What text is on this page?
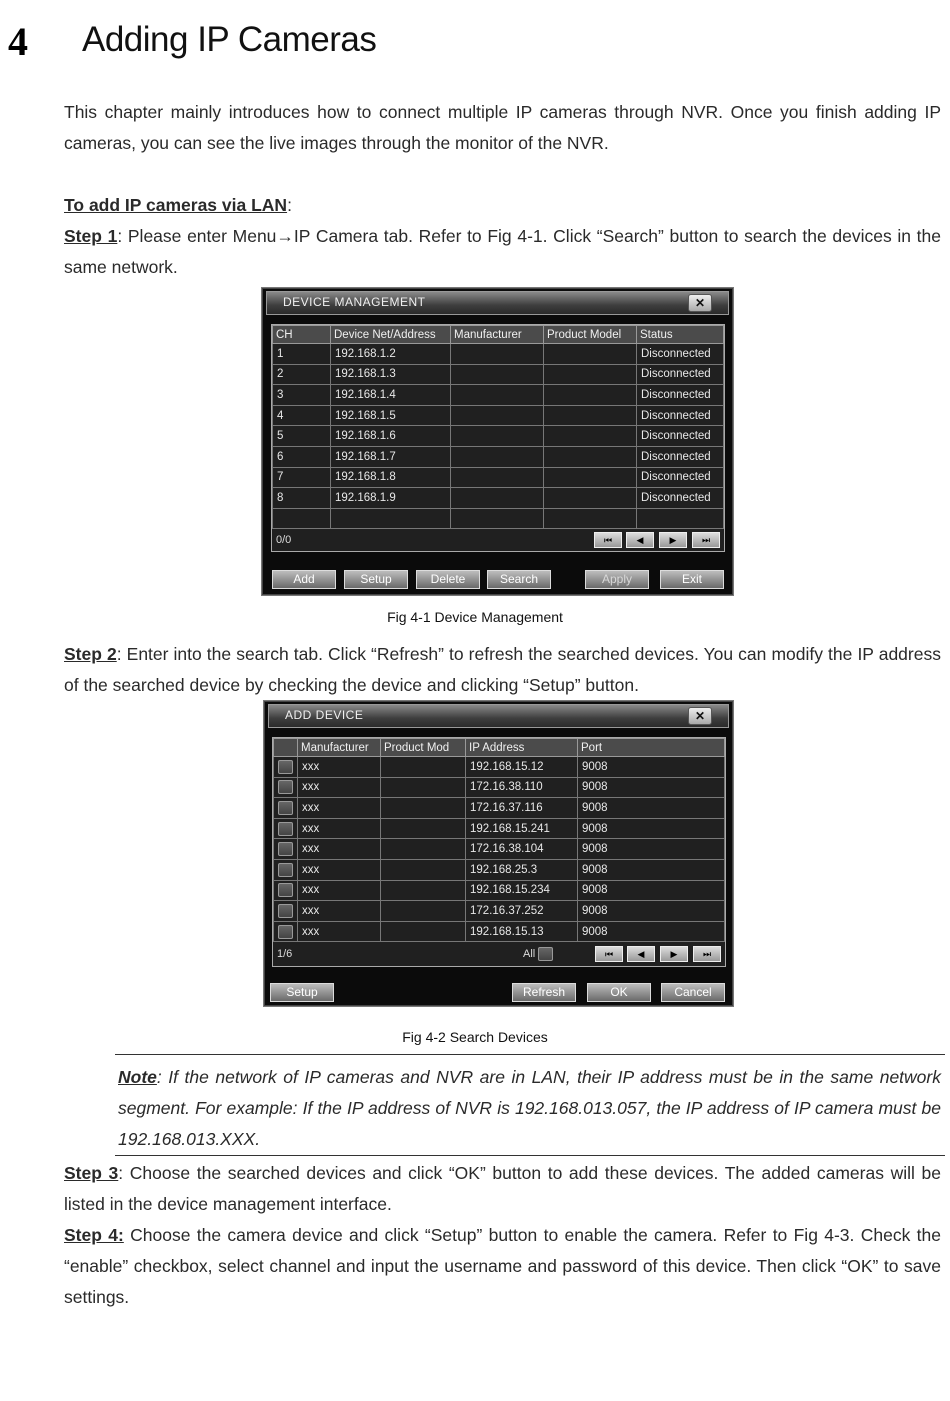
4 Adding IP Cameras
This chapter mainly introduces how to connect multiple IP cameras through NVR. Once you finish adding IP cameras, you can see the live images through the monitor of the NVR.
To add IP cameras via LAN:
Step 1: Please enter Menu→IP Camera tab. Refer to Fig 4-1. Click “Search” button to search the devices in the same network.
DEVICE MANAGEMENT	✕
CH	Device Net/Address	Manufacturer	Product Model	Status
1	192.168.1.2			Disconnected
2	192.168.1.3			Disconnected
3	192.168.1.4			Disconnected
4	192.168.1.5			Disconnected
5	192.168.1.6			Disconnected
6	192.168.1.7			Disconnected
7	192.168.1.8			Disconnected
8	192.168.1.9			Disconnected

0/0	⏮	◀	▶	⏭
Add	Setup	Delete	Search	Apply	Exit
Fig 4-1 Device Management
Step 2: Enter into the search tab. Click “Refresh” to refresh the searched devices. You can modify the IP address of the searched device by checking the device and clicking “Setup” button.
ADD DEVICE	✕
	Manufacturer	Product Mod	IP Address	Port
	xxx		192.168.15.12	9008
	xxx		172.16.38.110	9008
	xxx		172.16.37.116	9008
	xxx		192.168.15.241	9008
	xxx		172.16.38.104	9008
	xxx		192.168.25.3	9008
	xxx		192.168.15.234	9008
	xxx		172.16.37.252	9008
	xxx		192.168.15.13	9008
1/6	All	⏮	◀	▶	⏭
Setup	Refresh	OK	Cancel
Fig 4-2 Search Devices
Note: If the network of IP cameras and NVR are in LAN, their IP address must be in the same network segment. For example: If the IP address of NVR is 192.168.013.057, the IP address of IP camera must be 192.168.013.XXX.
Step 3: Choose the searched devices and click “OK” button to add these devices. The added cameras will be listed in the device management interface.
Step 4: Choose the camera device and click “Setup” button to enable the camera. Refer to Fig 4-3. Check the “enable” checkbox, select channel and input the username and password of this device. Then click “OK” to save settings.
